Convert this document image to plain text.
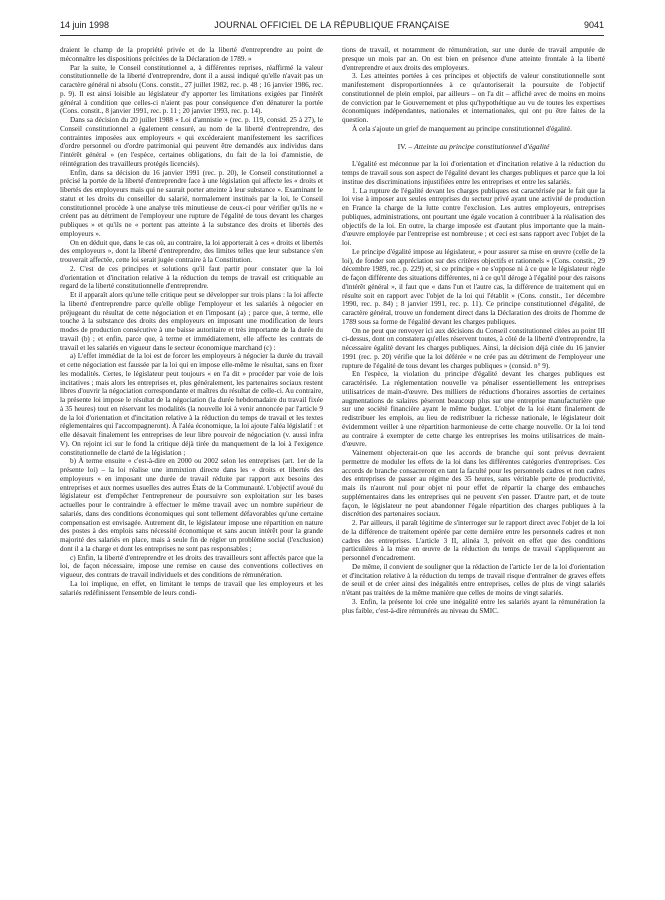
14 juin 1998	JOURNAL OFFICIEL DE LA RÉPUBLIQUE FRANÇAISE	9041

draient le champ de la propriété privée et de la liberté d'entreprendre au point de méconnaître les dispositions précitées de la Déclaration de 1789. »

Par la suite, le Conseil constitutionnel a, à différentes reprises, réaffirmé la valeur constitutionnelle de la liberté d'entreprendre, dont il a aussi indiqué qu'elle n'avait pas un caractère général ni absolu (Cons. constit., 27 juillet 1982, rec. p. 48 ; 16 janvier 1986, rec. p. 9). Il est ainsi loisible au législateur d'y apporter les limitations exigées par l'intérêt général à condition que celles-ci n'aient pas pour conséquence d'en dénaturer la portée (Cons. constit., 8 janvier 1991, rec. p. 11 ; 20 janvier 1993, rec. p. 14).

Dans sa décision du 20 juillet 1988 « Loi d'amnistie » (rec. p. 119, consid. 25 à 27), le Conseil constitutionnel a également censuré, au nom de la liberté d'entreprendre, des contraintes imposées aux employeurs « qui excéderaient manifestement les sacrifices d'ordre personnel ou d'ordre patrimonial qui peuvent être demandés aux individus dans l'intérêt général » (en l'espèce, certaines obligations, du fait de la loi d'amnistie, de réintégration des travailleurs protégés licenciés).

Enfin, dans sa décision du 16 janvier 1991 (rec. p. 20), le Conseil constitutionnel a précisé la portée de la liberté d'entreprendre face à une législation qui affecte les « droits et libertés des employeurs mais qui ne saurait porter atteinte à leur substance ». Examinant le statut et les droits du conseiller du salarié, normalement institués par la loi, le Conseil constitutionnel procède à une analyse très minutieuse de ceux-ci pour vérifier qu'ils ne « créent pas au détriment de l'employeur une rupture de l'égalité de tous devant les charges publiques » et qu'ils ne « portent pas atteinte à la substance des droits et libertés des employeurs ».

On en déduit que, dans le cas où, au contraire, la loi apporterait à ces « droits et libertés des employeurs », dont la liberté d'entreprendre, des limites telles que leur substance s'en trouverait affectée, cette loi serait jugée contraire à la Constitution.

2. C'est de ces principes et solutions qu'il faut partir pour constater que la loi d'orientation et d'incitation relative à la réduction du temps de travail est critiquable au regard de la liberté constitutionnelle d'entreprendre.

Et il apparaît alors qu'une telle critique peut se développer sur trois plans : la loi affecte la liberté d'entreprendre parce qu'elle oblige l'employeur et les salariés à négocier en préjugeant du résultat de cette négociation et en l'imposant (a) ; parce que, à terme, elle touche à la substance des droits des employeurs en imposant une modification de leurs modes de production consécutive à une baisse autoritaire et très importante de la durée du travail (b) ; et enfin, parce que, à terme et immédiatement, elle affecte les contrats de travail et les salariés en vigueur dans le secteur économique marchand (c) :

a) L'effet immédiat de la loi est de forcer les employeurs à négocier la durée du travail et cette négociation est faussée par la loi qui en impose elle-même le résultat, sans en fixer les modalités. Certes, le législateur peut toujours « en l'a dit » procéder par voie de lois incitatives ; mais alors les entreprises et, plus généralement, les partenaires sociaux restent libres d'ouvrir la négociation correspondante et maîtres du résultat de celle-ci. Au contraire, la présente loi impose le résultat de la négociation (la durée hebdomadaire du travail fixée à 35 heures) tout en réservant les modalités (la nouvelle loi à venir annoncée par l'article 9 de la loi d'orientation et d'incitation relative à la réduction du temps de travail et les textes réglementaires qui l'accompagneront). À l'aléa économique, la loi ajoute l'aléa législatif : et elle désavait finalement les entreprises de leur libre pouvoir de négociation (v. aussi infra V). On rejoint ici sur le fond la critique déjà tirée du manquement de la loi à l'exigence constitutionnelle de clarté de la législation ;

b) À terme ensuite « c'est-à-dire en 2000 ou 2002 selon les entreprises (art. 1er de la présente loi) – la loi réalise une immixtion directe dans les « droits et libertés des employeurs » en imposant une durée de travail réduite par rapport aux besoins des entreprises et aux normes usuelles des autres États de la Communauté. L'objectif avoué du législateur est d'empêcher l'entrepreneur de poursuivre son exploitation sur les bases actuelles pour le contraindre à effectuer le même travail avec un nombre supérieur de salariés, dans des conditions économiques qui sont tellement défavorables qu'une certaine compensation est envisagée. Autrement dit, le législateur impose une répartition en nature des postes à des emplois sans nécessité économique et sans aucun intérêt pour la grande majorité des salariés en place, mais à seule fin de régler un problème social (l'exclusion) dont il a la charge et dont les entreprises ne sont pas responsables ;

c) Enfin, la liberté d'entreprendre et les droits des travailleurs sont affectés parce que la loi, de façon nécessaire, impose une remise en cause des conventions collectives en vigueur, des contrats de travail individuels et des conditions de rémunération.

La loi implique, en effet, en limitant le temps de travail que les employeurs et les salariés redéfinissent l'ensemble de leurs condi-

tions de travail, et notamment de rémunération, sur une durée de travail amputée de presque un mois par an. On est bien en présence d'une atteinte frontale à la liberté d'entreprendre et aux droits des employeurs.

3. Les atteintes portées à ces principes et objectifs de valeur constitutionnelle sont manifestement disproportionnées à ce qu'autoriserait la poursuite de l'objectif constitutionnel de plein emploi, par ailleurs – on l'a dit – affiché avec de moins en moins de conviction par le Gouvernement et plus qu'hypothétique au vu de toutes les expertises économiques indépendantes, nationales et internationales, qui ont pu être faites de la question.

À cela s'ajoute un grief de manquement au principe constitutionnel d'égalité.

IV. – Atteinte au principe constitutionnel d'égalité

L'égalité est méconnue par la loi d'orientation et d'incitation relative à la réduction du temps de travail sous son aspect de l'égalité devant les charges publiques et parce que la loi institue des discriminations injustifiées entre les entreprises et entre les salariés.

1. La rupture de l'égalité devant les charges publiques est caractérisée par le fait que la loi vise à imposer aux seules entreprises du secteur privé ayant une activité de production en France la charge de la lutte contre l'exclusion. Les autres employeurs, entreprises publiques, administrations, ont pourtant une égale vocation à contribuer à la réalisation des objectifs de la loi. En outre, la charge imposée est d'autant plus importante que la main-d'œuvre employée par l'entreprise est nombreuse ; et ceci est sans rapport avec l'objet de la loi.

Le principe d'égalité impose au législateur, « pour assurer sa mise en œuvre (celle de la loi), de fonder son appréciation sur des critères objectifs et rationnels » (Cons. constit., 29 décembre 1989, rec. p. 229) et, si ce principe « ne s'oppose ni à ce que le législateur règle de façon différente des situations différentes, ni à ce qu'il déroge à l'égalité pour des raisons d'intérêt général », il faut que « dans l'un et l'autre cas, la différence de traitement qui en résulte soit en rapport avec l'objet de la loi qui l'établit » (Cons. constit., 1er décembre 1990, rec. p. 84) ; 8 janvier 1991, rec. p. 11). Ce principe constitutionnel d'égalité, de caractère général, trouve un fondement direct dans la Déclaration des droits de l'homme de 1789 sous sa forme de l'égalité devant les charges publiques.

On ne peut que renvoyer ici aux décisions du Conseil constitutionnel citées au point III ci-dessus, dont on constatera qu'elles réservent toutes, à côté de la liberté d'entreprendre, la nécessaire égalité devant les charges publiques. Ainsi, la décision déjà citée du 16 janvier 1991 (rec. p. 20) vérifie que la loi déférée « ne crée pas au détriment de l'employeur une rupture de l'égalité de tous devant les charges publiques » (consid. n° 9).

En l'espèce, la violation du principe d'égalité devant les charges publiques est caractérisée. La réglementation nouvelle va pénaliser essentiellement les entreprises utilisatrices de main-d'œuvre. Des milliers de réductions d'horaires assorties de certaines augmentations de salaires pèseront beaucoup plus sur une entreprise manufacturière que sur une société financière ayant le même budget. L'objet de la loi étant finalement de redistribuer les emplois, au lieu de redistribuer la richesse nationale, le législateur doit évidemment veiller à une répartition harmonieuse de cette charge nouvelle. Or la loi tend au contraire à exempter de cette charge les entreprises les moins utilisatrices de main-d'œuvre.

Vainement objecterait-on que les accords de branche qui sont prévus devraient permettre de moduler les effets de la loi dans les différentes catégories d'entreprises. Ces accords de branche consacreront en tant la faculté pour les personnels cadres et non cadres des entreprises de passer au régime des 35 heures, sans véritable perte de productivité, mais ils n'auront nul pour objet ni pour effet de répartir la charge des embauches supplémentaires dans les entreprises qui ne peuvent s'en passer. D'autre part, et de toute façon, le législateur ne peut abandonner l'égale répartition des charges publiques à la discrétion des partenaires sociaux.

2. Par ailleurs, il paraît légitime de s'interroger sur le rapport direct avec l'objet de la loi de la différence de traitement opérée par cette dernière entre les personnels cadres et non cadres des entreprises. L'article 3 II, alinéa 3, prévoit en effet que des conditions particulières à la mise en œuvre de la réduction du temps de travail s'appliqueront au personnel d'encadrement.

De même, il convient de souligner que la rédaction de l'article 1er de la loi d'orientation et d'incitation relative à la réduction du temps de travail risque d'entraîner de graves effets de seuil et de créer ainsi des inégalités entre entreprises, celles de plus de vingt salariés n'étant pas traitées de la même manière que celles de moins de vingt salariés.

3. Enfin, la présente loi crée une inégalité entre les salariés ayant la rémunération la plus faible, c'est-à-dire rémunérés au niveau du SMIC.
